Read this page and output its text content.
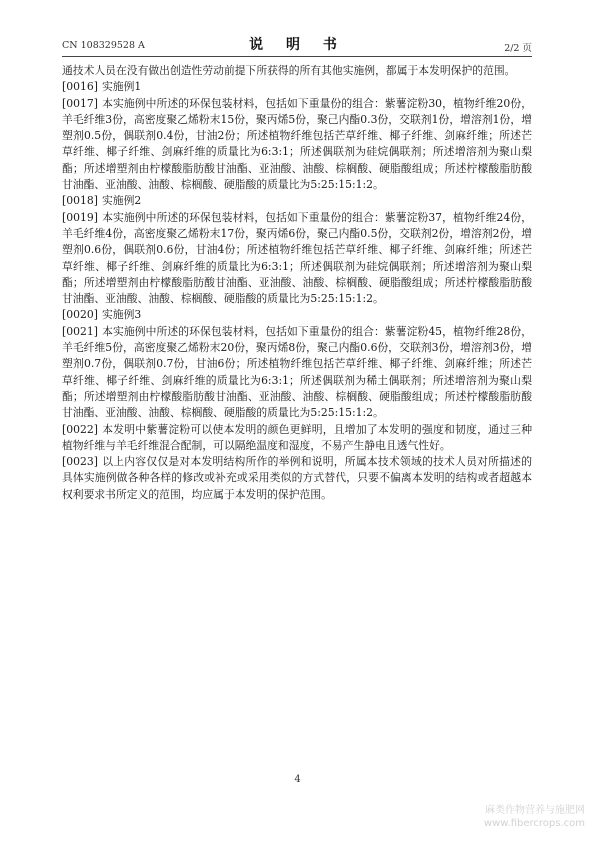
CN 108329528 A	说 明 书	2/2 页

通技术人员在没有做出创造性劳动前提下所获得的所有其他实施例，都属于本发明保护的范围。

[0016] 实施例1

[0017] 本实施例中所述的环保包装材料，包括如下重量份的组合：紫薯淀粉30，植物纤维20份，羊毛纤维3份，高密度聚乙烯粉末15份，聚丙烯5份，聚己内酯0.3份，交联剂1份，增溶剂1份，增塑剂0.5份，偶联剂0.4份，甘油2份；所述植物纤维包括芒草纤维、椰子纤维、剑麻纤维；所述芒草纤维、椰子纤维、剑麻纤维的质量比为6:3:1；所述偶联剂为硅烷偶联剂；所述增溶剂为聚山梨酯；所述增塑剂由柠檬酸脂肪酸甘油酯、亚油酸、油酸、棕榈酸、硬脂酸组成；所述柠檬酸脂肪酸甘油酯、亚油酸、油酸、棕榈酸、硬脂酸的质量比为5:25:15:1:2。

[0018] 实施例2

[0019] 本实施例中所述的环保包装材料，包括如下重量份的组合：紫薯淀粉37，植物纤维24份，羊毛纤维4份，高密度聚乙烯粉末17份，聚丙烯6份，聚己内酯0.5份，交联剂2份，增溶剂2份，增塑剂0.6份，偶联剂0.6份，甘油4份；所述植物纤维包括芒草纤维、椰子纤维、剑麻纤维；所述芒草纤维、椰子纤维、剑麻纤维的质量比为6:3:1；所述偶联剂为硅烷偶联剂；所述增溶剂为聚山梨酯；所述增塑剂由柠檬酸脂肪酸甘油酯、亚油酸、油酸、棕榈酸、硬脂酸组成；所述柠檬酸脂肪酸甘油酯、亚油酸、油酸、棕榈酸、硬脂酸的质量比为5:25:15:1:2。

[0020] 实施例3

[0021] 本实施例中所述的环保包装材料，包括如下重量份的组合：紫薯淀粉45，植物纤维28份，羊毛纤维5份，高密度聚乙烯粉末20份，聚丙烯8份，聚己内酯0.6份，交联剂3份，增溶剂3份，增塑剂0.7份，偶联剂0.7份，甘油6份；所述植物纤维包括芒草纤维、椰子纤维、剑麻纤维；所述芒草纤维、椰子纤维、剑麻纤维的质量比为6:3:1；所述偶联剂为稀土偶联剂；所述增溶剂为聚山梨酯；所述增塑剂由柠檬酸脂肪酸甘油酯、亚油酸、油酸、棕榈酸、硬脂酸组成；所述柠檬酸脂肪酸甘油酯、亚油酸、油酸、棕榈酸、硬脂酸的质量比为5:25:15:1:2。

[0022] 本发明中紫薯淀粉可以使本发明的颜色更鲜明，且增加了本发明的强度和韧度，通过三种植物纤维与羊毛纤维混合配制，可以隔绝温度和湿度，不易产生静电且透气性好。

[0023] 以上内容仅仅是对本发明结构所作的举例和说明，所属本技术领域的技术人员对所描述的具体实施例做各种各样的修改或补充或采用类似的方式替代，只要不偏离本发明的结构或者超越本权利要求书所定义的范围，均应属于本发明的保护范围。

4
麻类作物营养与施肥网
www.fibercrops.com
